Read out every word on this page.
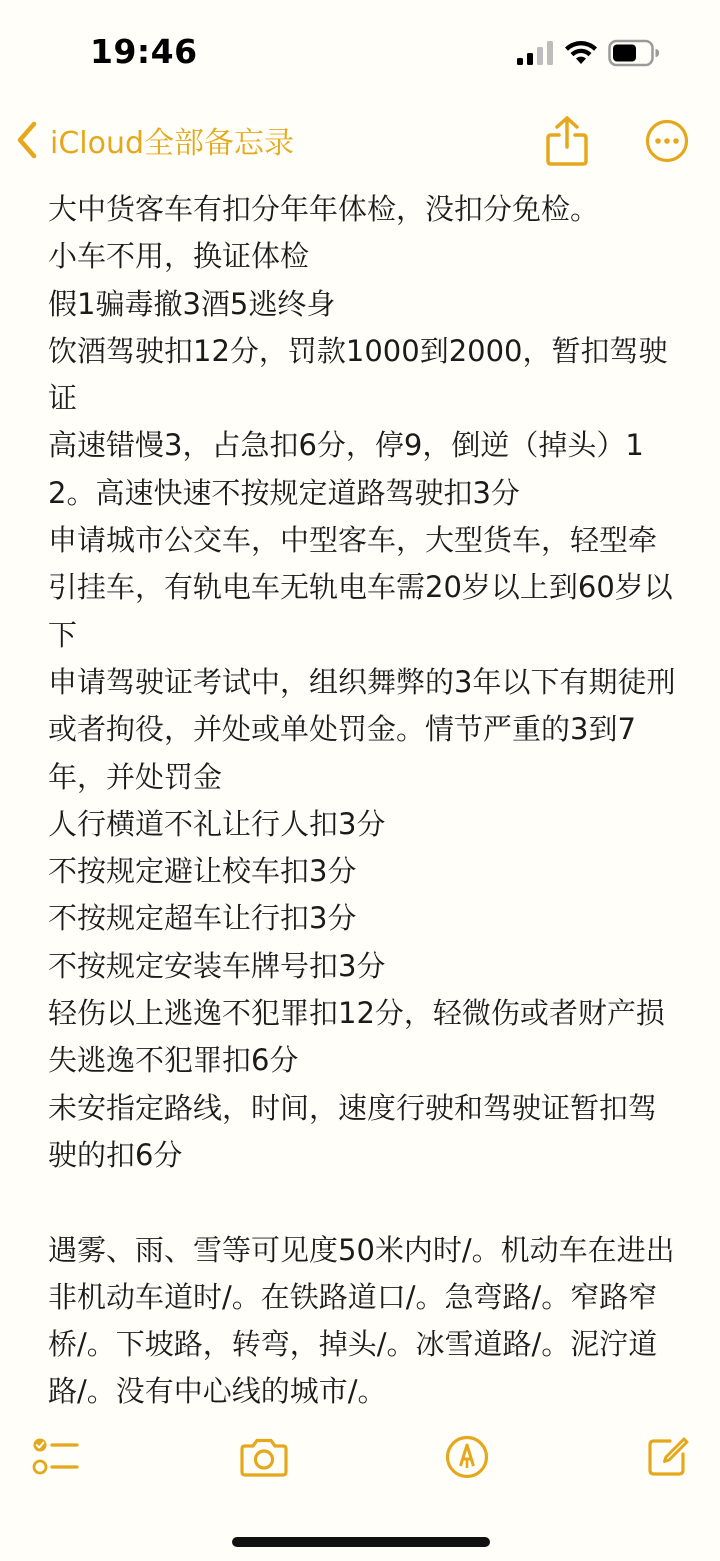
19:46
iCloud全部备忘录

大中货客车有扣分年年体检，没扣分免检。

小车不用，换证体检

假1骗毒撤3酒5逃终身

饮酒驾驶扣12分，罚款1000到2000，暂扣驾驶证

高速错慢3，占急扣6分，停9，倒逆（掉头）12。高速快速不按规定道路驾驶扣3分

申请城市公交车，中型客车，大型货车，轻型牵引挂车，有轨电车无轨电车需20岁以上到60岁以下

申请驾驶证考试中，组织舞弊的3年以下有期徒刑或者拘役，并处或单处罚金。情节严重的3到7年，并处罚金

人行横道不礼让行人扣3分

不按规定避让校车扣3分

不按规定超车让行扣3分

不按规定安装车牌号扣3分

轻伤以上逃逸不犯罪扣12分，轻微伤或者财产损失逃逸不犯罪扣6分

未安指定路线，时间，速度行驶和驾驶证暂扣驾驶的扣6分

遇雾、雨、雪等可见度50米内时/。机动车在进出非机动车道时/。在铁路道口/。急弯路/。窄路窄桥/。下坡路，转弯，掉头/。冰雪道路/。泥泞道路/。没有中心线的城市/。
